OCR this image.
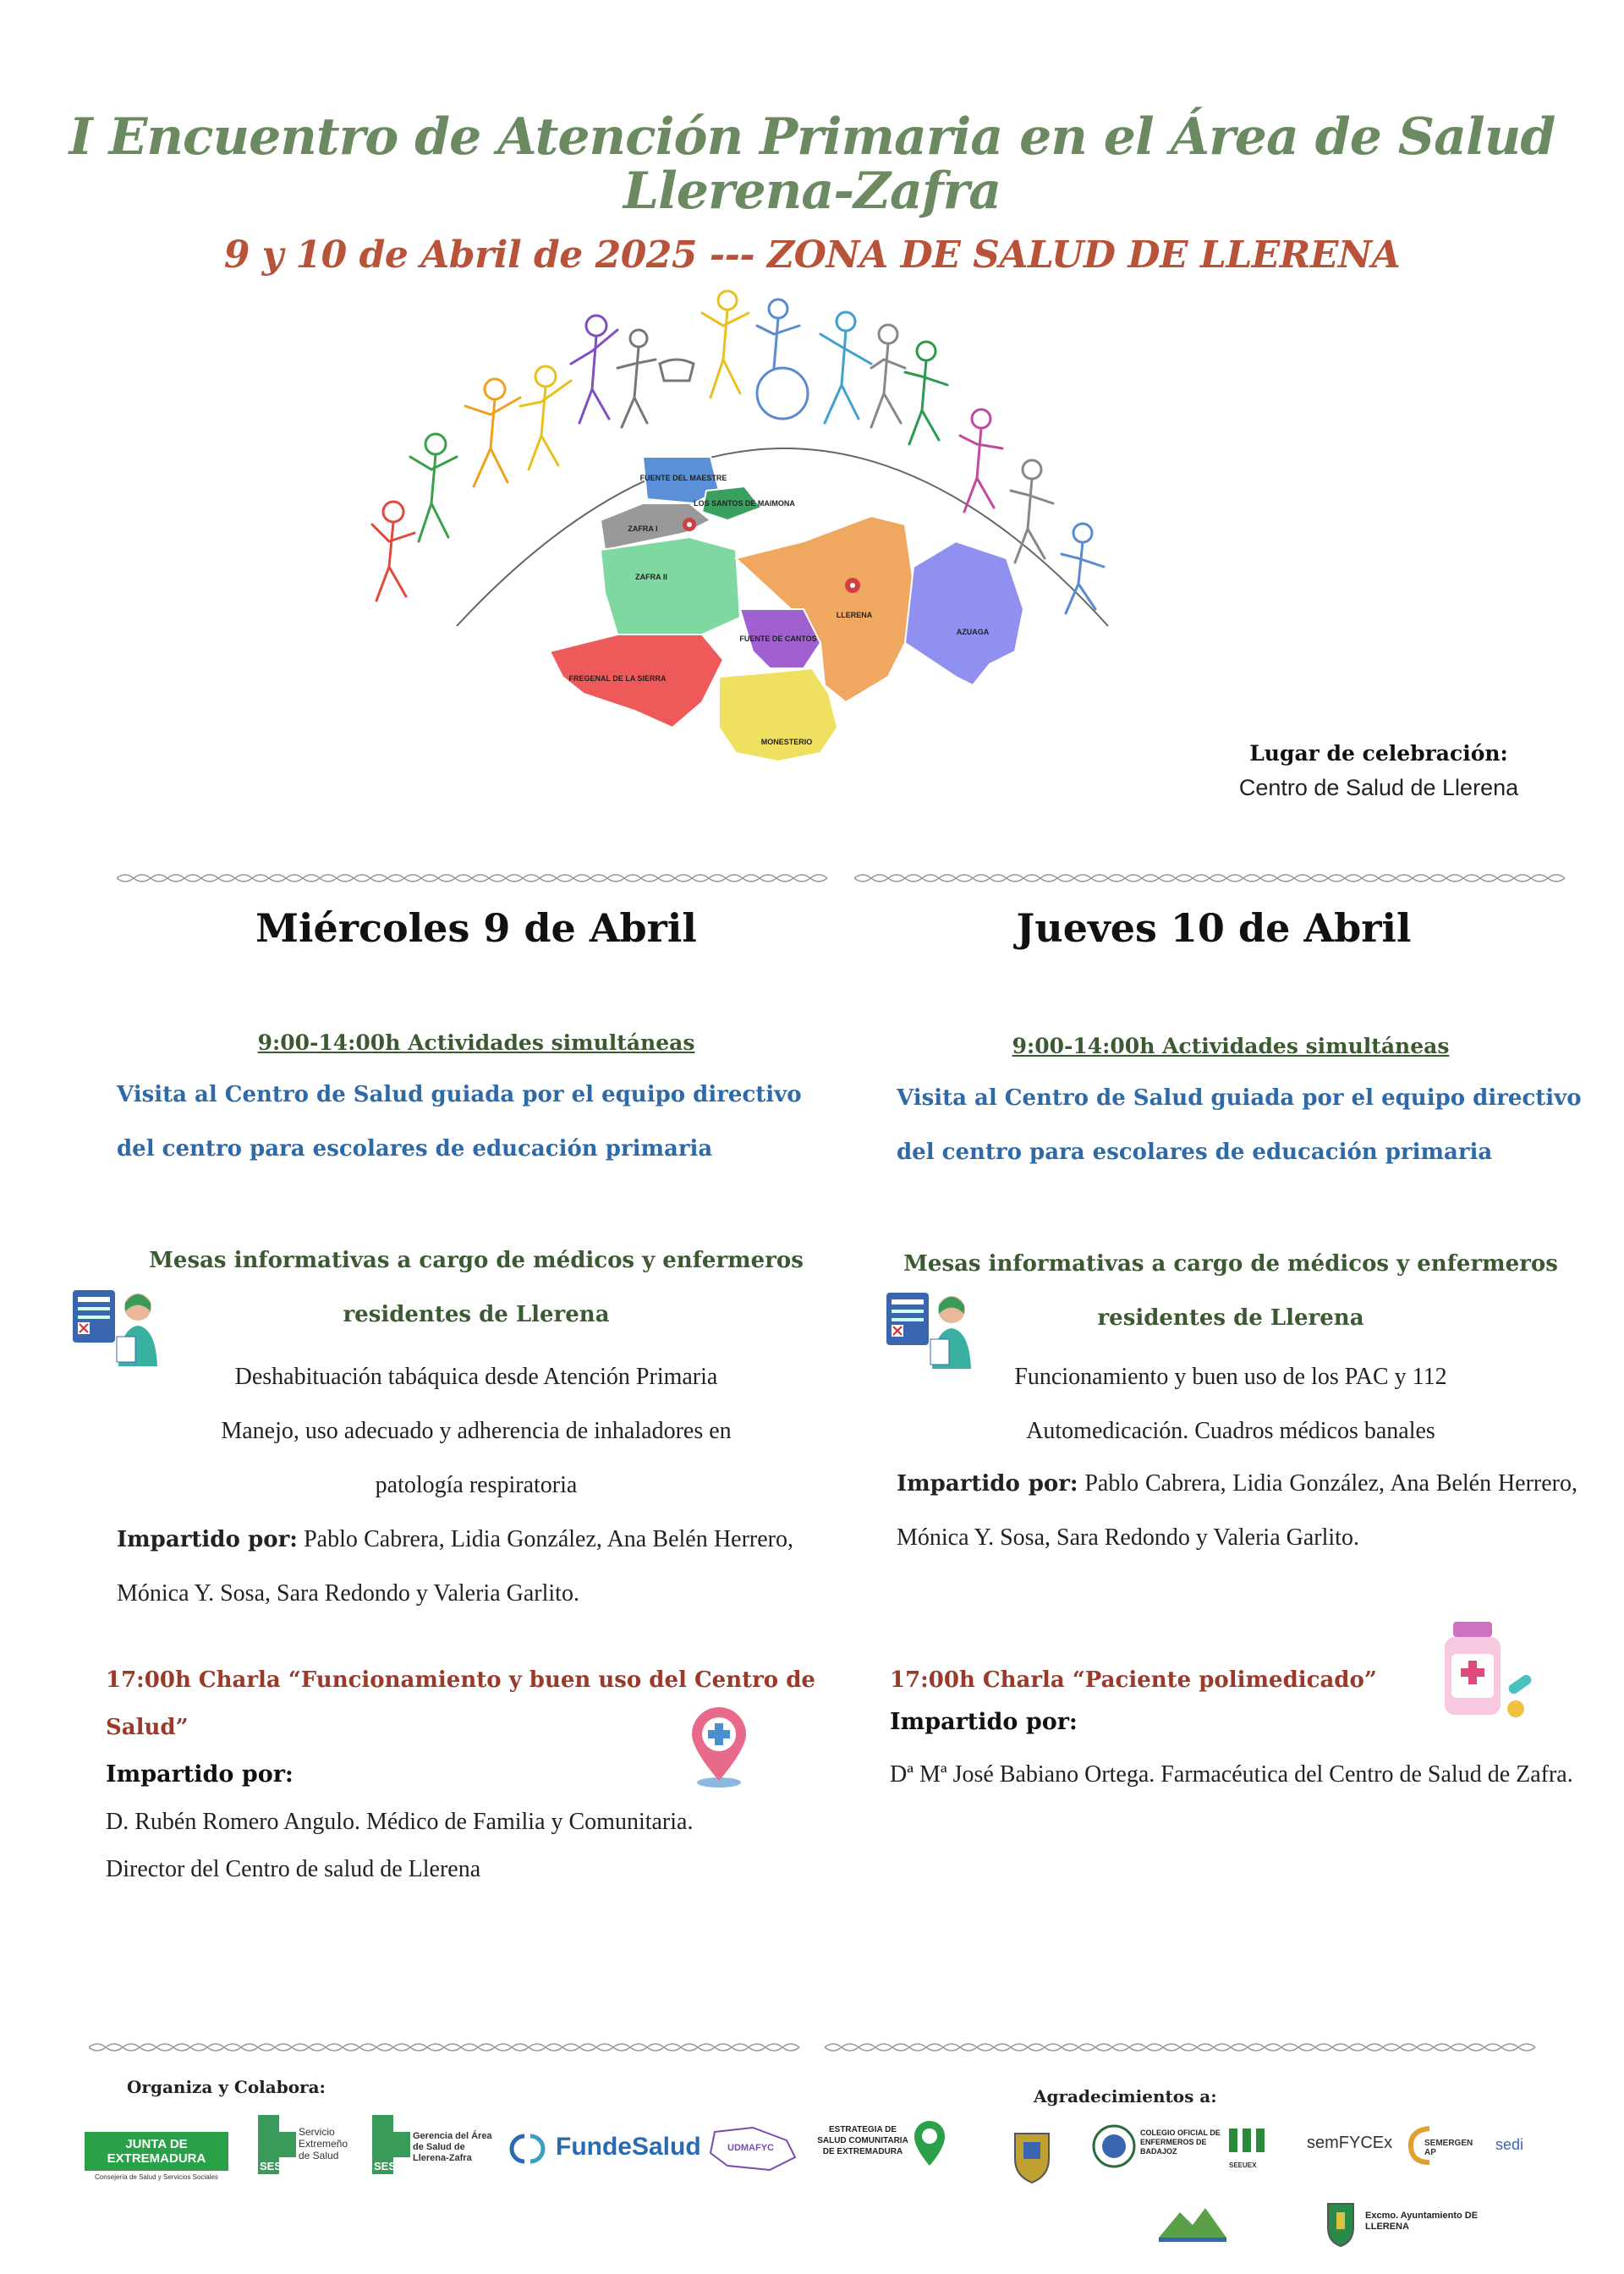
I Encuentro de Atención Primaria en el Área de Salud
Llerena-Zafra
9 y 10 de Abril de 2025 --- ZONA DE SALUD DE LLERENA
FUENTE DEL MAESTRE
LOS SANTOS DE MAIMONA
ZAFRA I
ZAFRA II
FUENTE DE CANTOS
LLERENA
AZUAGA
FREGENAL DE LA SIERRA
MONESTERIO	Lugar de celebración:
Centro de Salud de Llerena
Miércoles 9 de Abril
9:00-14:00h Actividades simultáneas
Visita al Centro de Salud guiada por el equipo directivo
del centro para escolares de educación primaria
Mesas informativas a cargo de médicos y enfermeros
residentes de Llerena
Deshabituación tabáquica desde Atención Primaria
Manejo, uso adecuado y adherencia de inhaladores en
patología respiratoria
Impartido por: Pablo Cabrera, Lidia González, Ana Belén Herrero, Mónica Y. Sosa, Sara Redondo y Valeria Garlito.
17:00h Charla “Funcionamiento y buen uso del Centro de
Salud”
Impartido por:
D. Rubén Romero Angulo. Médico de Familia y Comunitaria.
Director del Centro de salud de Llerena
Jueves 10 de Abril
9:00-14:00h Actividades simultáneas
Visita al Centro de Salud guiada por el equipo directivo
del centro para escolares de educación primaria
Mesas informativas a cargo de médicos y enfermeros
residentes de Llerena
Funcionamiento y buen uso de los PAC y 112
Automedicación. Cuadros médicos banales
Impartido por: Pablo Cabrera, Lidia González, Ana Belén Herrero, Mónica Y. Sosa, Sara Redondo y Valeria Garlito.
17:00h Charla “Paciente polimedicado”
Impartido por:
Dª Mª José Babiano Ortega. Farmacéutica del Centro de Salud de Zafra.
Organiza y Colabora:	Agradecimientos a:
JUNTA DE EXTREMADURA
Consejería de Salud y Servicios Sociales
SES
Servicio Extremeño de Salud
SES
Gerencia del Área de Salud de Llerena-Zafra	FundeSalud	UDMAFYC
ESTRATEGIA DE SALUD COMUNITARIA DE EXTREMADURA
COLEGIO OFICIAL DE ENFERMEROS DE BADAJOZ
SEEUEX
semFYCEx	SEMERGEN AP	sedi
Excmo. Ayuntamiento DE LLERENA
